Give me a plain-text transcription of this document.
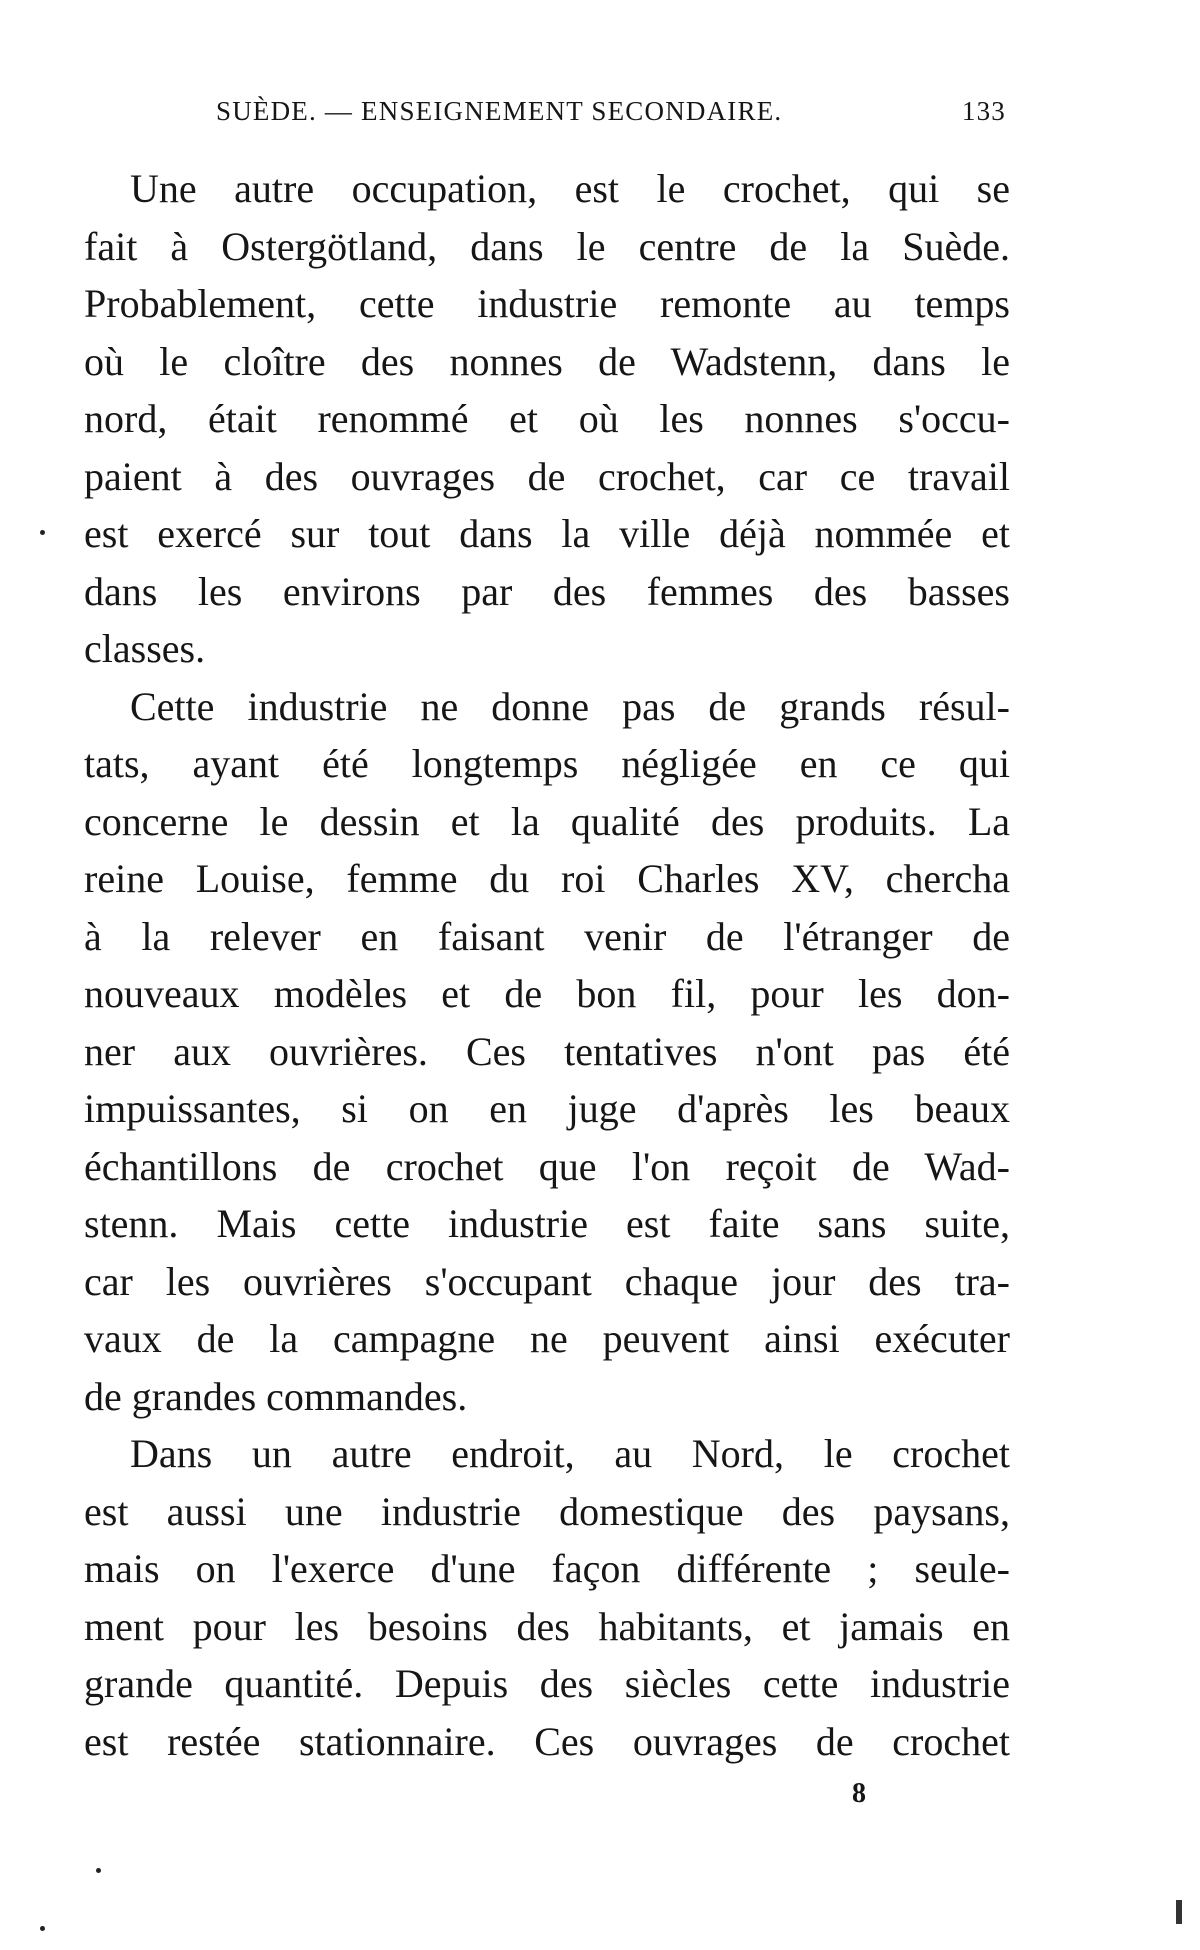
SUÈDE. — ENSEIGNEMENT SECONDAIRE.	133
Une autre occupation, est le crochet, qui se
fait à Ostergötland, dans le centre de la Suède.
Probablement, cette industrie remonte au temps
où le cloître des nonnes de Wadstenn, dans le
nord, était renommé et où les nonnes s'occu-
paient à des ouvrages de crochet, car ce travail
est exercé sur tout dans la ville déjà nommée et
dans les environs par des femmes des basses
classes.
Cette industrie ne donne pas de grands résul-
tats, ayant été longtemps négligée en ce qui
concerne le dessin et la qualité des produits. La
reine Louise, femme du roi Charles XV, chercha
à la relever en faisant venir de l'étranger de
nouveaux modèles et de bon fil, pour les don-
ner aux ouvrières. Ces tentatives n'ont pas été
impuissantes, si on en juge d'après les beaux
échantillons de crochet que l'on reçoit de Wad-
stenn. Mais cette industrie est faite sans suite,
car les ouvrières s'occupant chaque jour des tra-
vaux de la campagne ne peuvent ainsi exécuter
de grandes commandes.
Dans un autre endroit, au Nord, le crochet
est aussi une industrie domestique des paysans,
mais on l'exerce d'une façon différente ; seule-
ment pour les besoins des habitants, et jamais en
grande quantité. Depuis des siècles cette industrie
est restée stationnaire. Ces ouvrages de crochet
8
